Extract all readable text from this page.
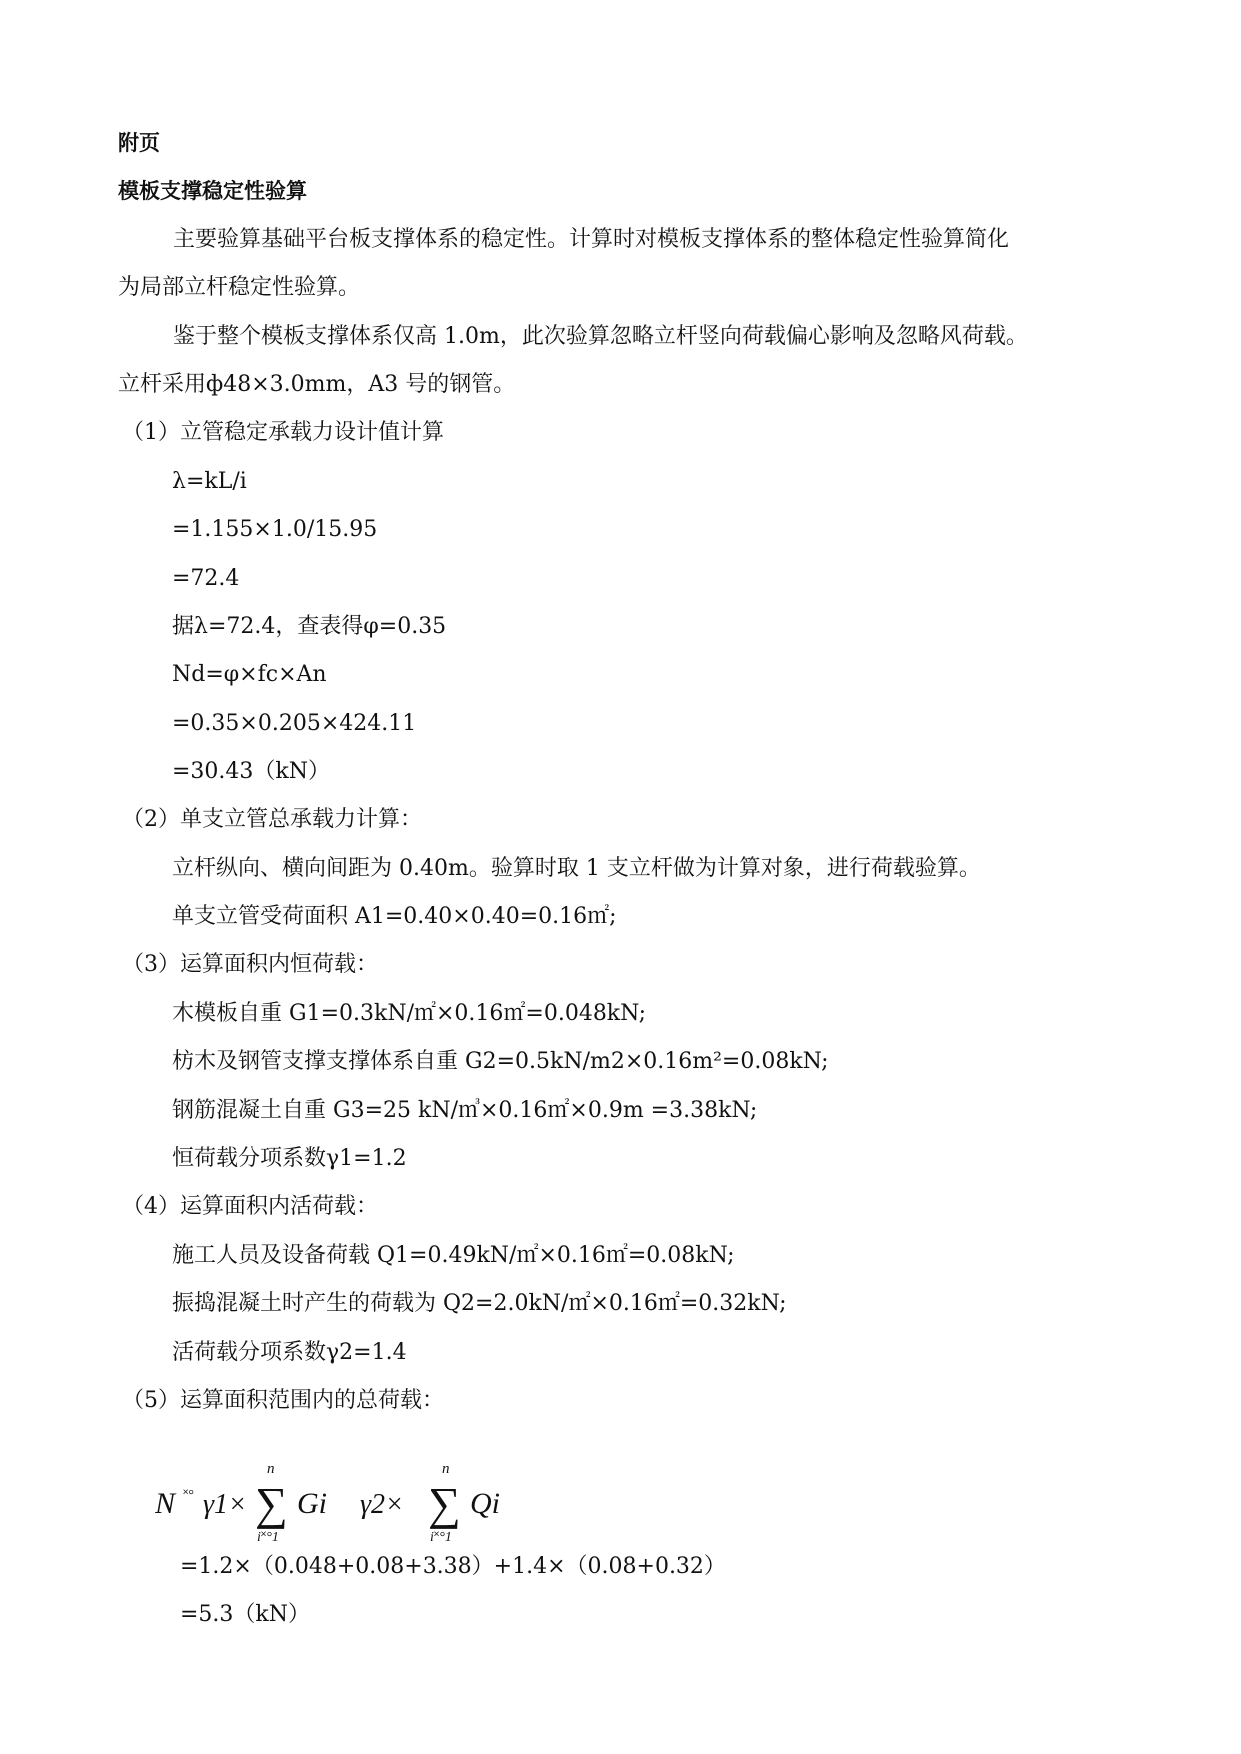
附页
模板支撑稳定性验算
主要验算基础平台板支撑体系的稳定性。计算时对模板支撑体系的整体稳定性验算简化
为局部立杆稳定性验算。
鉴于整个模板支撑体系仅高 1.0m，此次验算忽略立杆竖向荷载偏心影响及忽略风荷载。
立杆采用ф48×3.0mm，A3 号的钢管。
（1）立管稳定承载力设计值计算
λ=kL/i
=1.155×1.0/15.95
=72.4
据λ=72.4，查表得φ=0.35
Nd=φ×fc×An
=0.35×0.205×424.11
=30.43（kN）
（2）单支立管总承载力计算：
立杆纵向、横向间距为 0.40m。验算时取 1 支立杆做为计算对象，进行荷载验算。
单支立管受荷面积 A1=0.40×0.40=0.16㎡;
（3）运算面积内恒荷载：
木模板自重 G1=0.3kN/㎡×0.16㎡=0.048kN;
枋木及钢管支撑支撑体系自重 G2=0.5kN/m2×0.16m²=0.08kN;
钢筋混凝土自重 G3=25 kN/㎥×0.16㎡×0.9m =3.38kN;
恒荷载分项系数γ1=1.2
（4）运算面积内活荷载：
施工人员及设备荷载 Q1=0.49kN/㎡×0.16㎡=0.08kN;
振捣混凝土时产生的荷载为 Q2=2.0kN/㎡×0.16㎡=0.32kN;
活荷载分项系数γ2=1.4
（5）运算面积范围内的总荷载：
N ˟° γ1×
n
∑
i˟°1
Gi γ2×
n
∑
i˟°1
Qi
=1.2×（0.048+0.08+3.38）+1.4×（0.08+0.32）
=5.3（kN）
